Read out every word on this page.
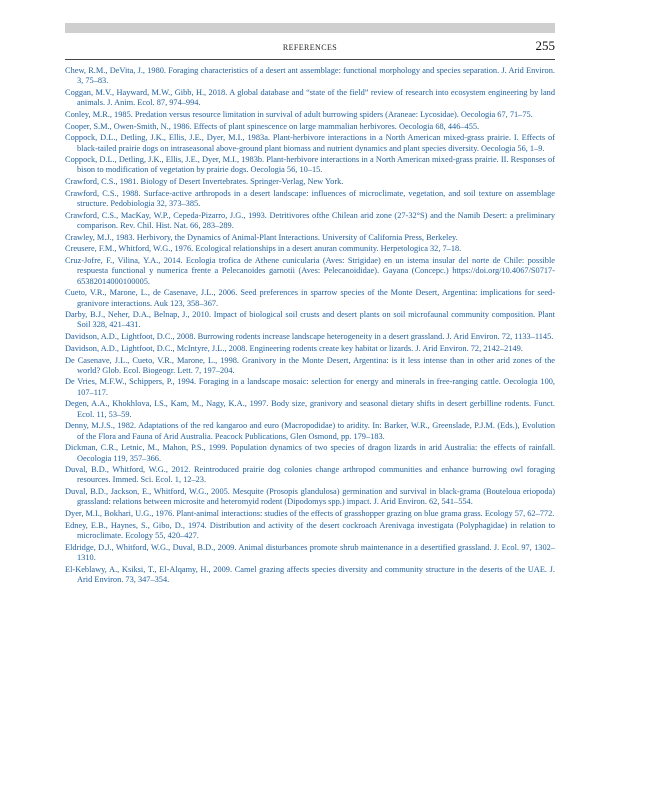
REFERENCES	255
Chew, R.M., DeVita, J., 1980. Foraging characteristics of a desert ant assemblage: functional morphology and species separation. J. Arid Environ. 3, 75–83.
Coggan, M.V., Hayward, M.W., Gibb, H., 2018. A global database and “state of the field” review of research into ecosystem engineering by land animals. J. Anim. Ecol. 87, 974–994.
Conley, M.R., 1985. Predation versus resource limitation in survival of adult burrowing spiders (Araneae: Lycosidae). Oecologia 67, 71–75.
Cooper, S.M., Owen-Smith, N., 1986. Effects of plant spinescence on large mammalian herbivores. Oecologia 68, 446–455.
Coppock, D.L., Detling, J.K., Ellis, J.E., Dyer, M.I., 1983a. Plant-herbivore interactions in a North American mixed-grass prairie. I. Effects of black-tailed prairie dogs on intraseasonal above-ground plant biomass and nutrient dynamics and plant species diversity. Oecologia 56, 1–9.
Coppock, D.L., Detling, J.K., Ellis, J.E., Dyer, M.I., 1983b. Plant-herbivore interactions in a North American mixed-grass prairie. II. Responses of bison to modification of vegetation by prairie dogs. Oecologia 56, 10–15.
Crawford, C.S., 1981. Biology of Desert Invertebrates. Springer-Verlag, New York.
Crawford, C.S., 1988. Surface-active arthropods in a desert landscape: influences of microclimate, vegetation, and soil texture on assemblage structure. Pedobiologia 32, 373–385.
Crawford, C.S., MacKay, W.P., Cepeda-Pizarro, J.G., 1993. Detritivores ofthe Chilean arid zone (27-32°S) and the Namib Desert: a preliminary comparison. Rev. Chil. Hist. Nat. 66, 283–289.
Crawley, M.J., 1983. Herbivory, the Dynamics of Animal-Plant Interactions. University of California Press, Berkeley.
Creusere, F.M., Whitford, W.G., 1976. Ecological relationships in a desert anuran community. Herpetologica 32, 7–18.
Cruz-Jofre, F., Vilina, Y.A., 2014. Ecologia trofica de Athene cunicularia (Aves: Strigidae) en un istema insular del norte de Chile: possible respuesta functional y numerica frente a Pelecanoides garnotii (Aves: Pelecanoididae). Gayana (Concepc.) https://doi.org/10.4067/S0717-65382014000100005.
Cueto, V.R., Marone, L., de Casenave, J.L., 2006. Seed preferences in sparrow species of the Monte Desert, Argentina: implications for seed-granivore interactions. Auk 123, 358–367.
Darby, B.J., Neher, D.A., Belnap, J., 2010. Impact of biological soil crusts and desert plants on soil microfaunal community composition. Plant Soil 328, 421–431.
Davidson, A.D., Lightfoot, D.C., 2008. Burrowing rodents increase landscape heterogeneity in a desert grassland. J. Arid Environ. 72, 1133–1145.
Davidson, A.D., Lightfoot, D.C., McIntyre, J.L., 2008. Engineering rodents create key habitat or lizards. J. Arid Environ. 72, 2142–2149.
De Casenave, J.L., Cueto, V.R., Marone, L., 1998. Granivory in the Monte Desert, Argentina: is it less intense than in other arid zones of the world? Glob. Ecol. Biogeogr. Lett. 7, 197–204.
De Vries, M.F.W., Schippers, P., 1994. Foraging in a landscape mosaic: selection for energy and minerals in free-ranging cattle. Oecologia 100, 107–117.
Degen, A.A., Khokhlova, I.S., Kam, M., Nagy, K.A., 1997. Body size, granivory and seasonal dietary shifts in desert gerbilline rodents. Funct. Ecol. 11, 53–59.
Denny, M.J.S., 1982. Adaptations of the red kangaroo and euro (Macropodidae) to aridity. In: Barker, W.R., Greenslade, P.J.M. (Eds.), Evolution of the Flora and Fauna of Arid Australia. Peacock Publications, Glen Osmond, pp. 179–183.
Dickman, C.R., Letnic, M., Mahon, P.S., 1999. Population dynamics of two species of dragon lizards in arid Australia: the effects of rainfall. Oecologia 119, 357–366.
Duval, B.D., Whitford, W.G., 2012. Reintroduced prairie dog colonies change arthropod communities and enhance burrowing owl foraging resources. Immed. Sci. Ecol. 1, 12–23.
Duval, B.D., Jackson, E., Whitford, W.G., 2005. Mesquite (Prosopis glandulosa) germination and survival in black-grama (Bouteloua eriopoda) grassland: relations between microsite and heteromyid rodent (Dipodomys spp.) impact. J. Arid Environ. 62, 541–554.
Dyer, M.I., Bokhari, U.G., 1976. Plant-animal interactions: studies of the effects of grasshopper grazing on blue grama grass. Ecology 57, 62–772.
Edney, E.B., Haynes, S., Gibo, D., 1974. Distribution and activity of the desert cockroach Arenivaga investigata (Polyphagidae) in relation to microclimate. Ecology 55, 420–427.
Eldridge, D.J., Whitford, W.G., Duval, B.D., 2009. Animal disturbances promote shrub maintenance in a desertified grassland. J. Ecol. 97, 1302–1310.
El-Keblawy, A., Ksiksi, T., El-Alqamy, H., 2009. Camel grazing affects species diversity and community structure in the deserts of the UAE. J. Arid Environ. 73, 347–354.
